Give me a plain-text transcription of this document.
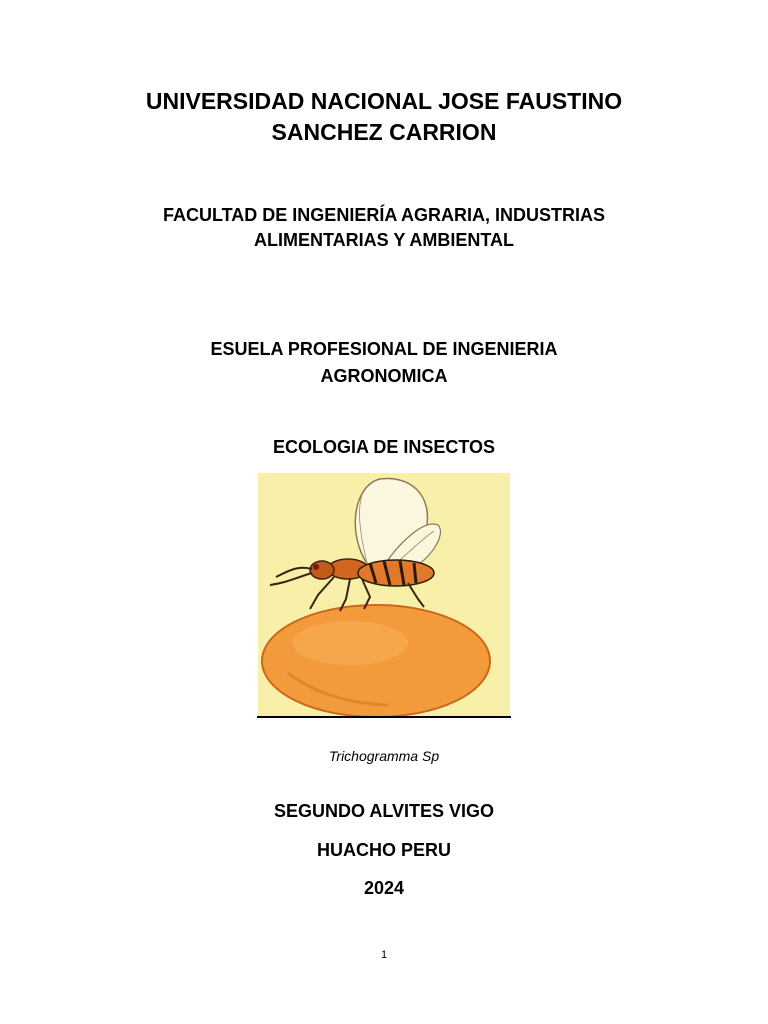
UNIVERSIDAD NACIONAL JOSE FAUSTINO
SANCHEZ CARRION
FACULTAD DE INGENIERÍA AGRARIA, INDUSTRIAS
ALIMENTARIAS Y AMBIENTAL
ESUELA PROFESIONAL DE INGENIERIA
AGRONOMICA
ECOLOGIA DE INSECTOS

Trichogramma Sp

SEGUNDO ALVITES VIGO

HUACHO PERU

2024

1
